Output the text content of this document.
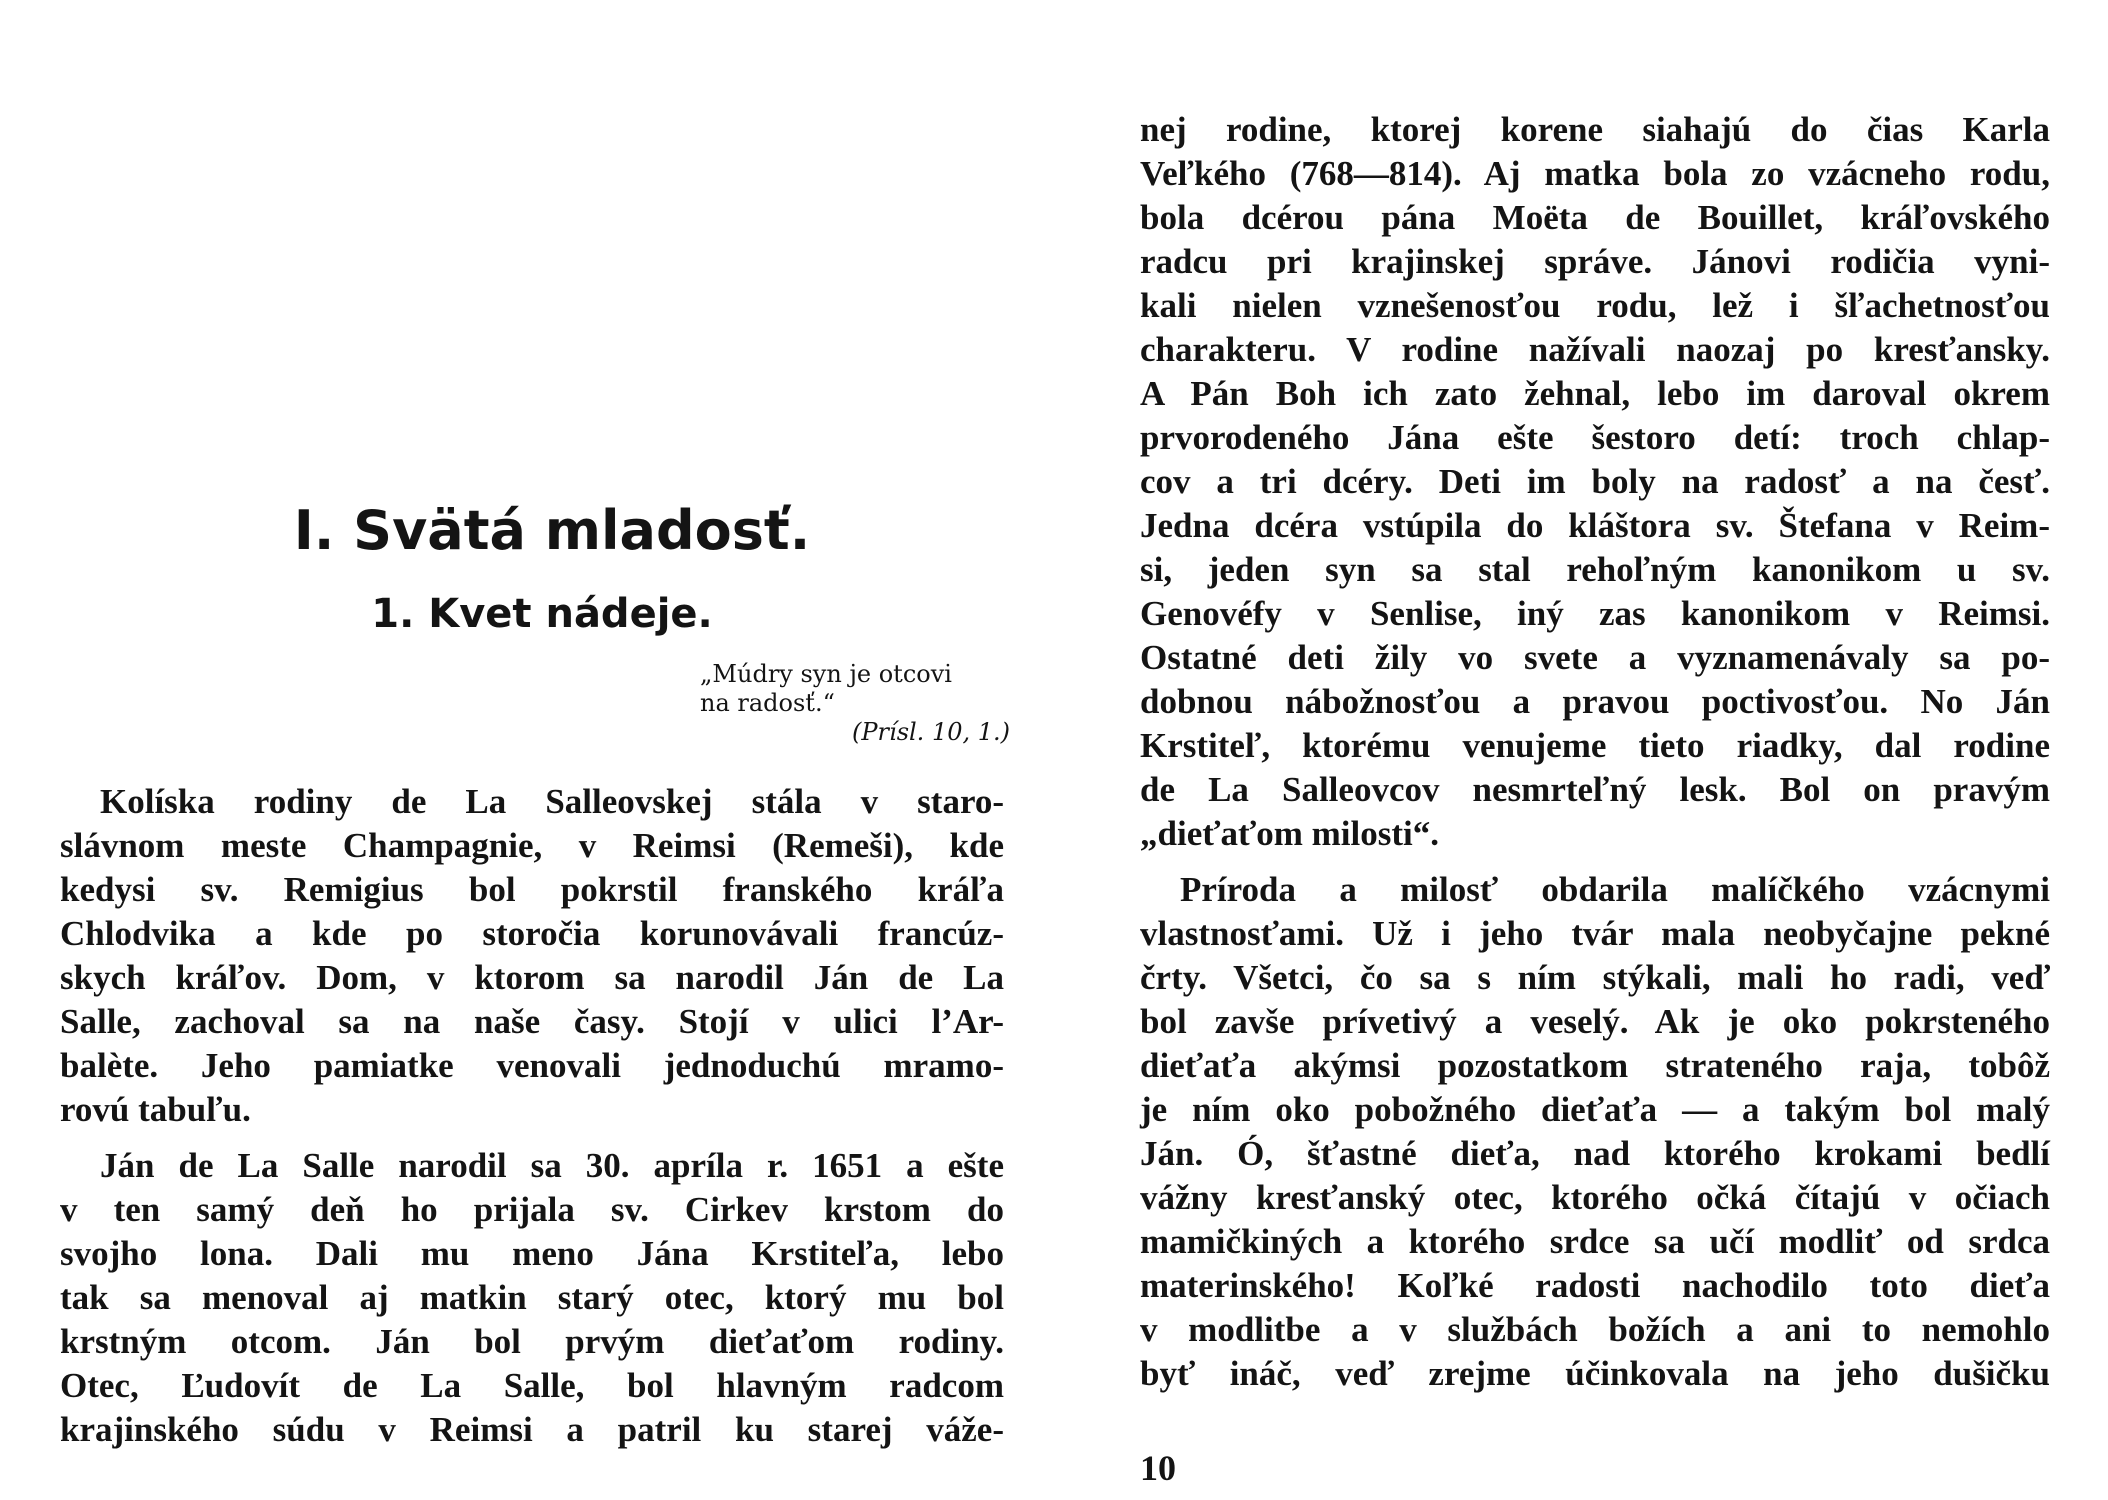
I. Svätá mladosť.
1. Kvet nádeje.
„Múdry syn je otcovi
na radosť.“
(Prísl. 10, 1.)
Kolíska rodiny de La Salleovskej stála v staro-
slávnom meste Champagnie, v Reimsi (Remeši), kde
kedysi sv. Remigius bol pokrstil franského kráľa
Chlodvika a kde po storočia korunovávali francúz-
skych kráľov. Dom, v ktorom sa narodil Ján de La
Salle, zachoval sa na naše časy. Stojí v ulici l’Ar-
balète. Jeho pamiatke venovali jednoduchú mramo-
rovú tabuľu.
Ján de La Salle narodil sa 30. apríla r. 1651 a ešte
v ten samý deň ho prijala sv. Cirkev krstom do
svojho lona. Dali mu meno Jána Krstiteľa, lebo
tak sa menoval aj matkin starý otec, ktorý mu bol
krstným otcom. Ján bol prvým dieťaťom rodiny.
Otec, Ľudovít de La Salle, bol hlavným radcom
krajinského súdu v Reimsi a patril ku starej váže-
nej rodine, ktorej korene siahajú do čias Karla
Veľkého (768—814). Aj matka bola zo vzácneho rodu,
bola dcérou pána Moëta de Bouillet, kráľovského
radcu pri krajinskej správe. Jánovi rodičia vyni-
kali nielen vznešenosťou rodu, lež i šľachetnosťou
charakteru. V rodine nažívali naozaj po kresťansky.
A Pán Boh ich zato žehnal, lebo im daroval okrem
prvorodeného Jána ešte šestoro detí: troch chlap-
cov a tri dcéry. Deti im boly na radosť a na česť.
Jedna dcéra vstúpila do kláštora sv. Štefana v Reim-
si, jeden syn sa stal rehoľným kanonikom u sv.
Genovéfy v Senlise, iný zas kanonikom v Reimsi.
Ostatné deti žily vo svete a vyznamenávaly sa po-
dobnou nábožnosťou a pravou poctivosťou. No Ján
Krstiteľ, ktorému venujeme tieto riadky, dal rodine
de La Salleovcov nesmrteľný lesk. Bol on pravým
„dieťaťom milosti“.
Príroda a milosť obdarila malíčkého vzácnymi
vlastnosťami. Už i jeho tvár mala neobyčajne pekné
črty. Všetci, čo sa s ním stýkali, mali ho radi, veď
bol zavše prívetivý a veselý. Ak je oko pokrsteného
dieťaťa akýmsi pozostatkom strateného raja, tobôž
je ním oko pobožného dieťaťa — a takým bol malý
Ján. Ó, šťastné dieťa, nad ktorého krokami bedlí
vážny kresťanský otec, ktorého očká čítajú v očiach
mamičkiných a ktorého srdce sa učí modliť od srdca
materinského! Koľké radosti nachodilo toto dieťa
v modlitbe a v službách božích a ani to nemohlo
byť ináč, veď zrejme účinkovala na jeho dušičku
10
